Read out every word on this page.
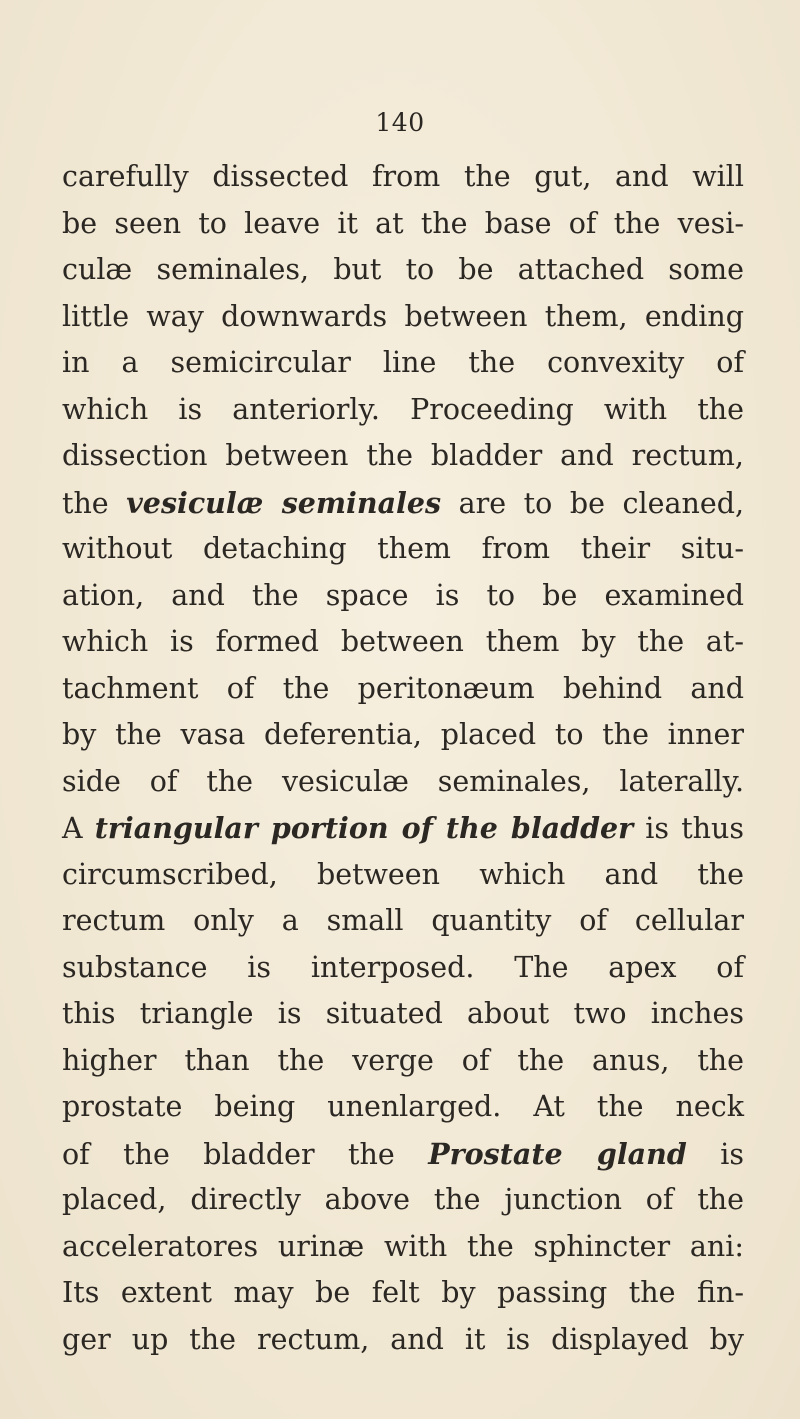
140
carefully dissected from the gut, and will
be seen to leave it at the base of the vesi-
culæ seminales, but to be attached some
little way downwards between them, ending
in a semicircular line the convexity of
which is anteriorly. Proceeding with the
dissection between the bladder and rectum,
the vesiculæ seminales are to be cleaned,
without detaching them from their situ-
ation, and the space is to be examined
which is formed between them by the at-
tachment of the peritonæum behind and
by the vasa deferentia, placed to the inner
side of the vesiculæ seminales, laterally.
A triangular portion of the bladder is thus
circumscribed, between which and the
rectum only a small quantity of cellular
substance is interposed. The apex of
this triangle is situated about two inches
higher than the verge of the anus, the
prostate being unenlarged. At the neck
of the bladder the Prostate gland is
placed, directly above the junction of the
acceleratores urinæ with the sphincter ani:
Its extent may be felt by passing the fin-
ger up the rectum, and it is displayed by
